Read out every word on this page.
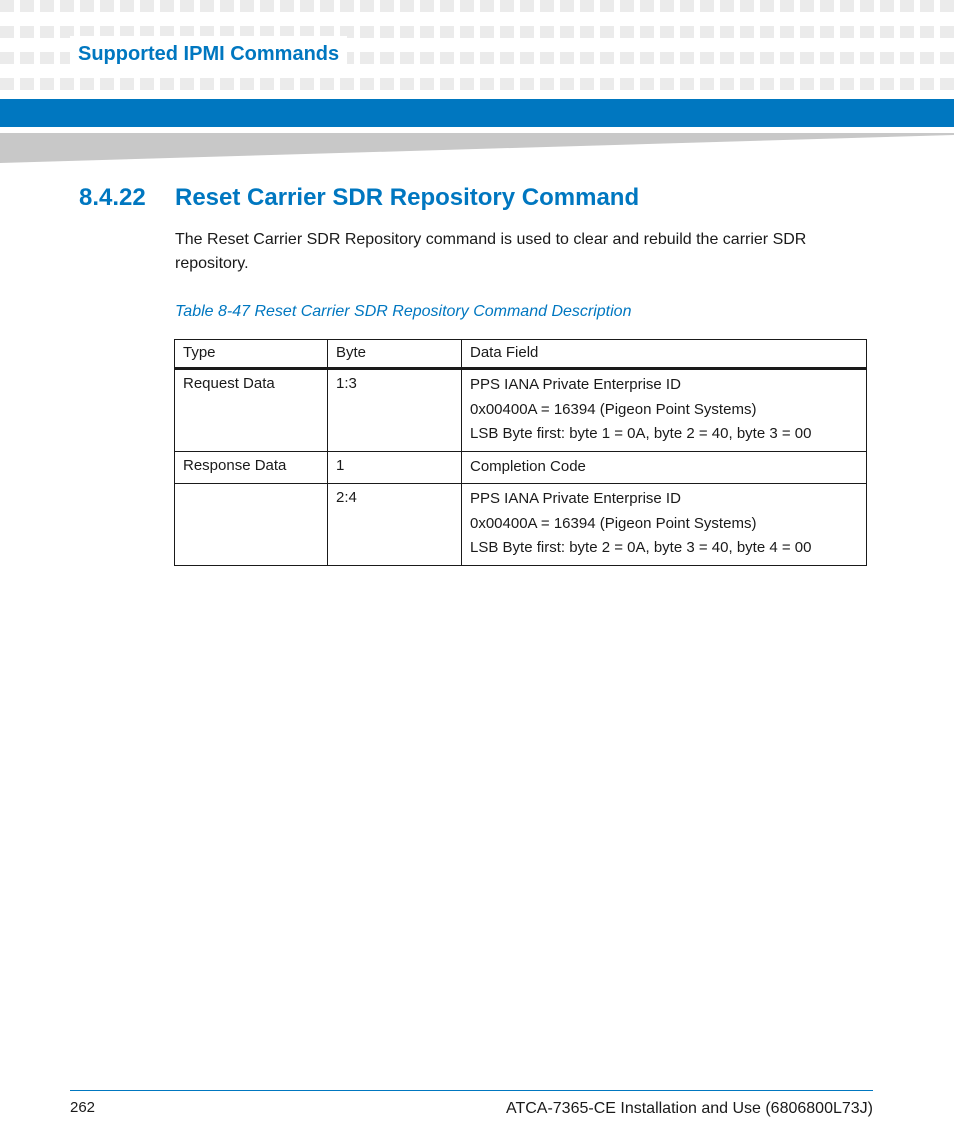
Supported IPMI Commands
8.4.22 Reset Carrier SDR Repository Command
The Reset Carrier SDR Repository command is used to clear and rebuild the carrier SDR repository.
Table 8-47 Reset Carrier SDR Repository Command Description
Type	Byte	Data Field
Request Data	1:3	PPS IANA Private Enterprise ID
0x00400A = 16394 (Pigeon Point Systems)
LSB Byte first: byte 1 = 0A, byte 2 = 40, byte 3 = 00

Response Data	1	Completion Code

	2:4	PPS IANA Private Enterprise ID
0x00400A = 16394 (Pigeon Point Systems)
LSB Byte first: byte 2 = 0A, byte 3 = 40, byte 4 = 00
262	ATCA-7365-CE Installation and Use (6806800L73J)
